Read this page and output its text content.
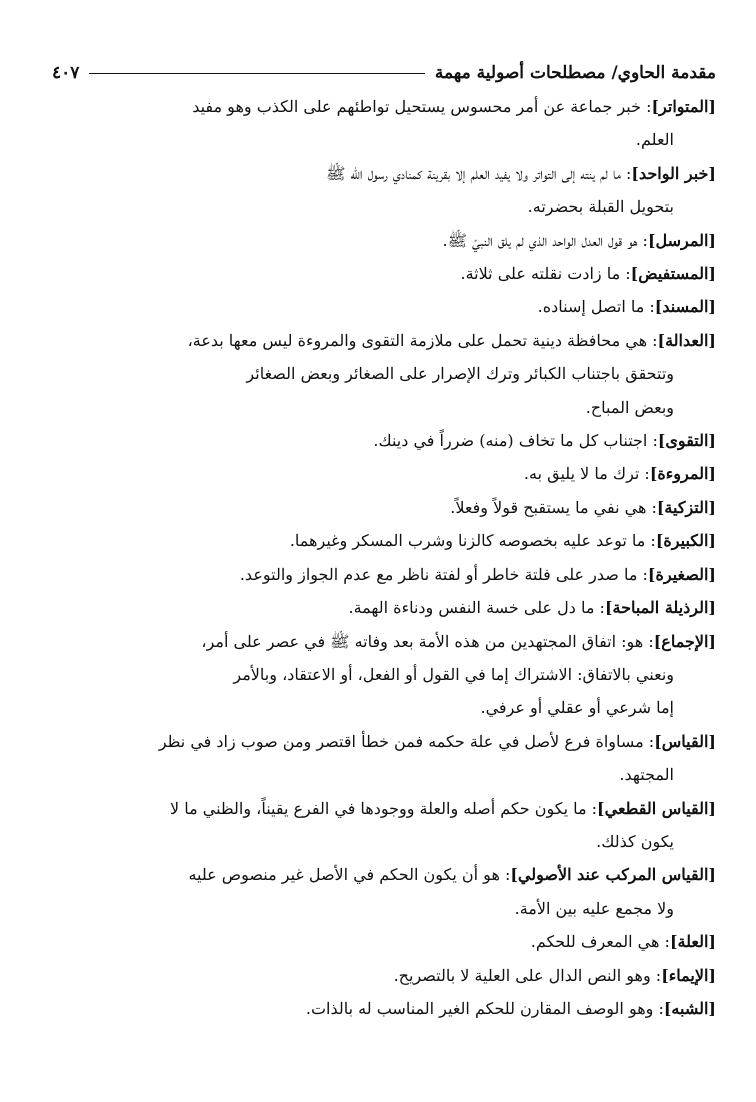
مقدمة الحاوي/ مصطلحات أصولية مهمة
٤٠٧
[المتواتر]: خبر جماعة عن أمر محسوس يستحيل تواطئهم على الكذب وهو مفيد
العلم.
[خبر الواحد]: ما لم ينته إلى التواتر ولا يفيد العلم إلا بقرينة كمنادي رسول الله ﷺ
بتحويل القبلة بحضرته.
[المرسل]: هو قول العدل الواحد الذي لم يلق النبيّ ﷺ.
[المستفيض]: ما زادت نقلته على ثلاثة.
[المسند]: ما اتصل إسناده.
[العدالة]: هي محافظة دينية تحمل على ملازمة التقوى والمروءة ليس معها بدعة،
وتتحقق باجتناب الكبائر وترك الإصرار على الصغائر وبعض الصغائر
وبعض المباح.
[التقوى]: اجتناب كل ما تخاف (منه) ضرراً في دينك.
[المروءة]: ترك ما لا يليق به.
[التزكية]: هي نفي ما يستقبح قولاً وفعلاً.
[الكبيرة]: ما توعد عليه بخصوصه كالزنا وشرب المسكر وغيرهما.
[الصغيرة]: ما صدر على فلتة خاطر أو لفتة ناظر مع عدم الجواز والتوعد.
[الرذيلة المباحة]: ما دل على خسة النفس ودناءة الهمة.
[الإجماع]: هو: اتفاق المجتهدين من هذه الأمة بعد وفاته ﷺ في عصر على أمر،
ونعني بالاتفاق: الاشتراك إما في القول أو الفعل، أو الاعتقاد، وبالأمر
إما شرعي أو عقلي أو عرفي.
[القياس]: مساواة فرع لأصل في علة حكمه فمن خطأ اقتصر ومن صوب زاد في نظر
المجتهد.
[القياس القطعي]: ما يكون حكم أصله والعلة ووجودها في الفرع يقيناً، والظني ما لا
يكون كذلك.
[القياس المركب عند الأصولي]: هو أن يكون الحكم في الأصل غير منصوص عليه
ولا مجمع عليه بين الأمة.
[العلة]: هي المعرف للحكم.
[الإيماء]: وهو النص الدال على العلية لا بالتصريح.
[الشبه]: وهو الوصف المقارن للحكم الغير المناسب له بالذات.
